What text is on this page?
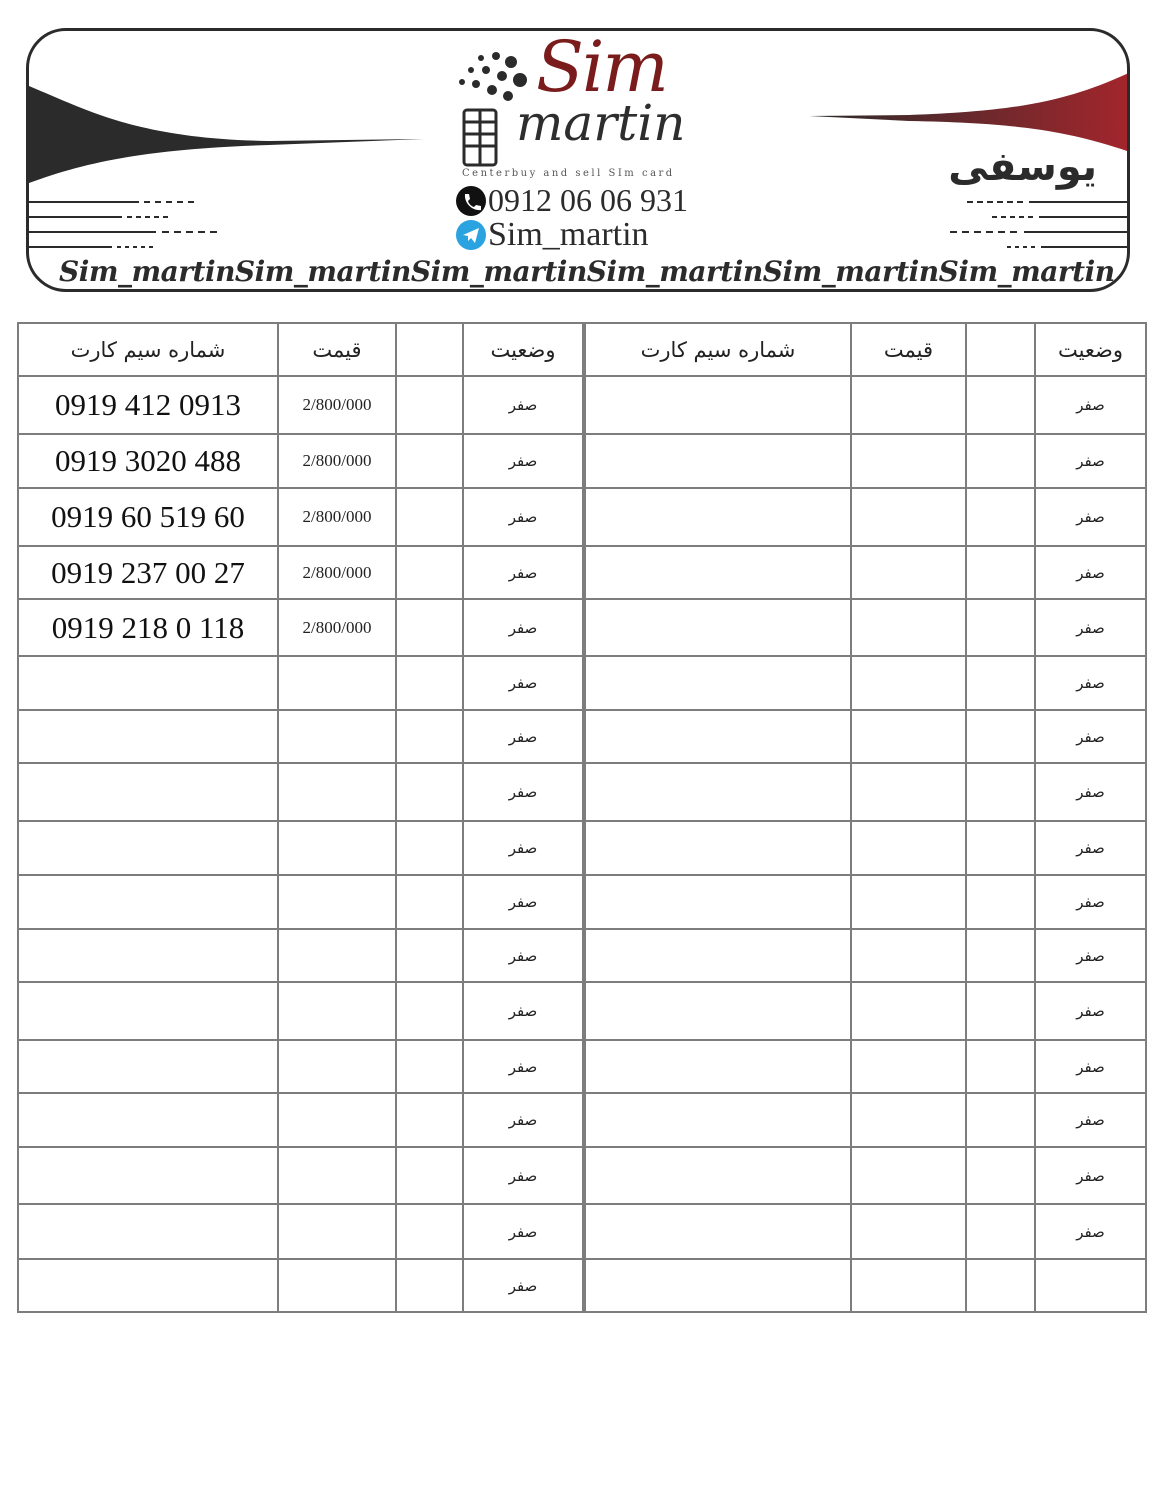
یوسفی
Sim_martinSim_martinSim_martinSim_martinSim_martinSim_martin
Sim
martin
Centerbuy and sell SIm card
0912 06 06 931
Sim_martin
شماره سیم کارت	قیمت		وضعیت	شماره سیم کارت	قیمت		وضعیت
0919 412 0913	2/800/000		صفر				صفر
0919 3020 488	2/800/000		صفر				صفر
0919 60 519 60	2/800/000		صفر				صفر
0919 237 00 27	2/800/000		صفر				صفر
0919 218 0 118	2/800/000		صفر				صفر
			صفر				صفر
			صفر				صفر
			صفر				صفر
			صفر				صفر
			صفر				صفر
			صفر				صفر
			صفر				صفر
			صفر				صفر
			صفر				صفر
			صفر				صفر
			صفر				صفر
			صفر				
